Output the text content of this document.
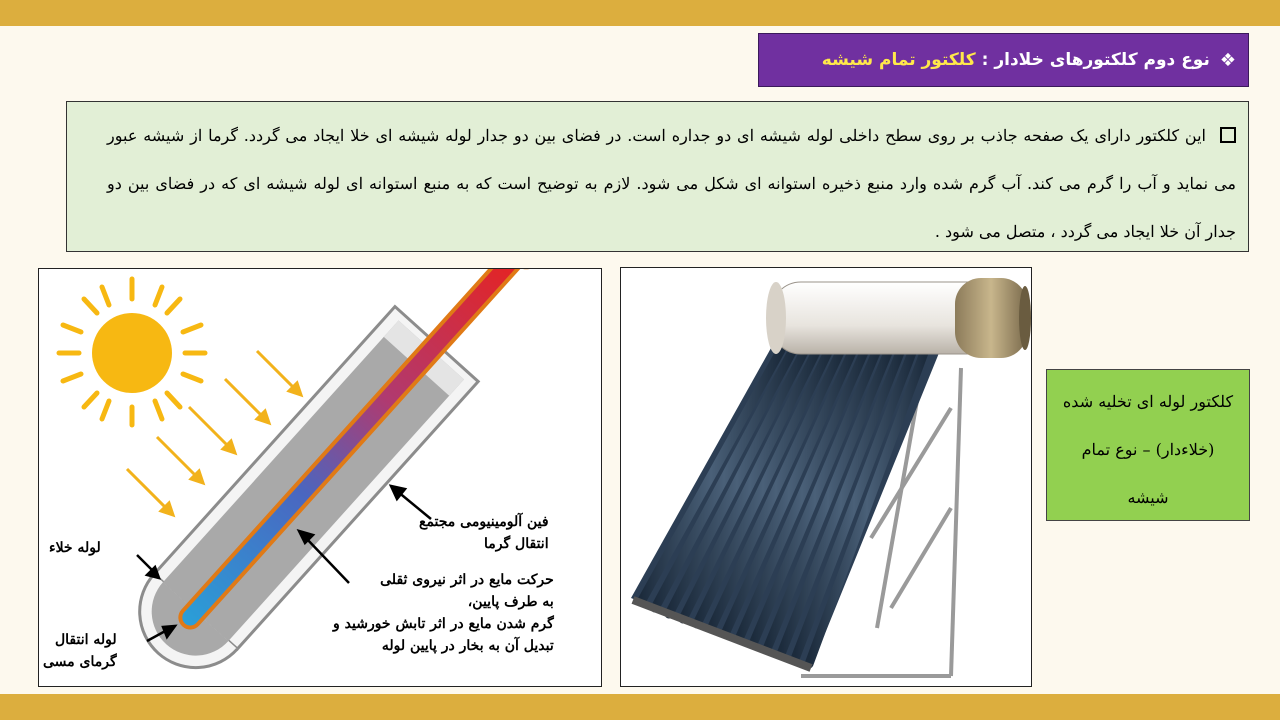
❖
نوع دوم کلکتورهای خلادار :
کلکتور تمام شیشه
این کلکتور دارای یک صفحه جاذب بر روی سطح داخلی لوله شیشه ای دو جداره است. در فضای بین دو جدار لوله شیشه ای خلا ایجاد می گردد. گرما از شیشه عبور می نماید و آب را گرم می کند. آب گرم شده وارد منبع ذخیره استوانه ای شکل می شود. لازم به توضیح است که به منبع استوانه ای لوله شیشه ای که در فضای بین دو جدار آن خلا ایجاد می گردد ، متصل می شود .
فین آلومینیومی مجتمع
انتقال گرما
لوله خلاء
حرکت مایع در اثر نیروی ثقلی
به طرف پایین،
گرم شدن مایع در اثر تابش خورشید و
تبدیل آن به بخار در پایین لوله
لوله انتقال
گرمای مسی
کلکتور لوله ای تخلیه شده (خلاءدار) – نوع تمام شیشه
